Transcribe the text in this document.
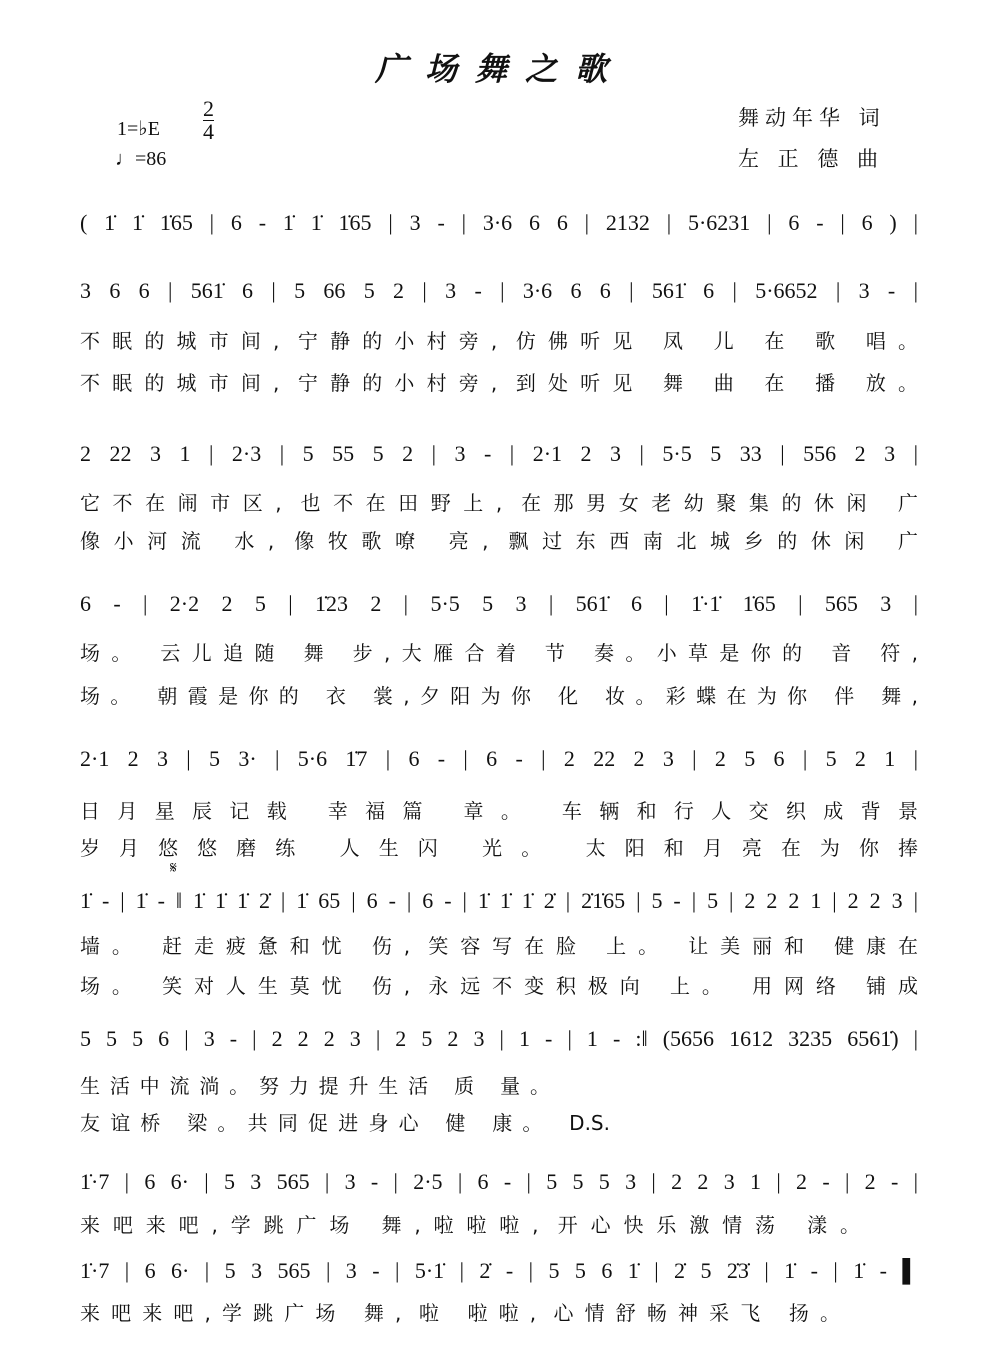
广场舞之歌
1=♭E $\frac{2}{4}$
♩=86
舞动年华 词
左 正 德 曲
𝄋
( 1̇ 1̇ 1̇65 | 6 - 1̇ 1̇ 1̇65 | 3 - | 3·6 6 6 | 2132 | 5·6231 | 6 - | 6 ) |
3 6 6 | 561̇ 6 | 5 66 5 2 | 3 - | 3·6 6 6 | 561̇ 6 | 5·6652 | 3 - |
不眠的城市间, 宁静的小村旁, 仿佛听见 凤 儿 在 歌 唱。
不眠的城市间, 宁静的小村旁, 到处听见 舞 曲 在 播 放。
2 22 3 1 | 2·3 | 5 55 5 2 | 3 - | 2·1 2 3 | 5·5 5 33 | 556 2 3 |
它不在闹市区, 也不在田野上, 在那男女老幼聚集的休闲 广
像小河流 水, 像牧歌嘹 亮, 飘过东西南北城乡的休闲 广
6 - | 2·2 2 5 | 1̇23 2 | 5·5 5 3 | 561̇ 6 | 1̇·1̇ 1̇65 | 565 3 |
场。 云儿追随 舞 步,大雁合着 节 奏。小草是你的 音 符,
场。 朝霞是你的 衣 裳,夕阳为你 化 妆。彩蝶在为你 伴 舞,
2·1 2 3 | 5 3· | 5·6 1̇7 | 6 - | 6 - | 2 22 2 3 | 2 5 6 | 5 2 1 |
日月星辰记载 幸福篇 章。 车辆和行人交织成背景
岁月悠悠磨练 人生闪 光。 太阳和月亮在为你捧
1̇ - | 1̇ - ‖ 1̇ 1̇ 1̇ 2̇ | 1̇ 65 | 6 - | 6 - | 1̇ 1̇ 1̇ 2̇ | 2̇1̇65 | 5 - | 5 | 2 2 2 1 | 2 2 3 |
墙。 赶走疲惫和忧 伤, 笑容写在脸 上。 让美丽和 健康在
场。 笑对人生莫忧 伤, 永远不变积极向 上。 用网络 铺成
5 5 5 6 | 3 - | 2 2 2 3 | 2 5 2 3 | 1 - | 1 - :‖ (5656 1612 3235 6561̇) |
生活中流淌。努力提升生活 质 量。
友谊桥 梁。共同促进身心 健 康。 D.S.
1̇·7 | 6 6· | 5 3 565 | 3 - | 2·5 | 6 - | 5 5 5 3 | 2 2 3 1 | 2 - | 2 - |
来吧来吧,学跳广场 舞,啦啦啦, 开心快乐激情荡 漾。
1̇·7 | 6 6· | 5 3 565 | 3 - | 5·1̇ | 2̇ - | 5 5 6 1̇ | 2̇ 5 2̇3̇ | 1̇ - | 1̇ - ▌
来吧来吧,学跳广场 舞, 啦 啦啦, 心情舒畅神采飞 扬。
